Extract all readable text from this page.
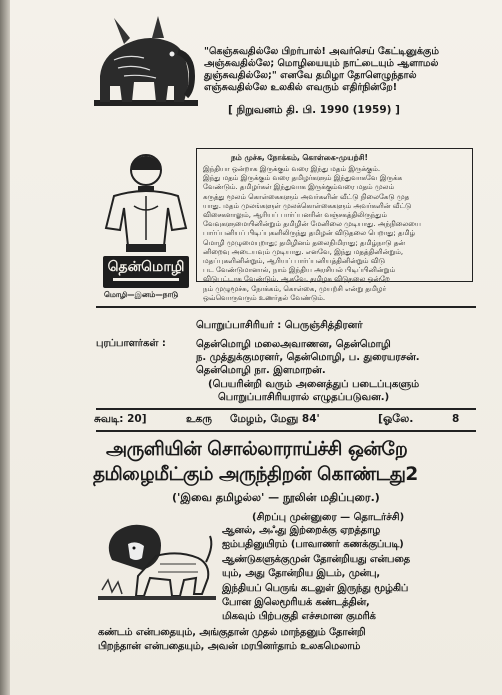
"கெஞ்சுவதில்லே பிறர்பால்! அவர்செய் கேட்டினுக்கும்
அஞ்சுவதில்லே; மொழியையும் நாட்டையும் ஆளாமல்
துஞ்சுவதில்லே;" எனவே தமிழா தோளெழுந்தால்
எஞ்சுவதில்லே உலகில் எவரும் எதிர்நின்றே!
[ நிறுவனம் தி. பி. 1990 (1959) ]
தென்மொழி
மொழி—இனம்—நாடு
நம் முச்சு, நோக்கம், கொள்கை-முயற்சி!
இந்தியா ஒன்றாக இருக்கும் வரை இந்து மதம் இருக்கும்.
இந்து மதம் இருக்கும் வரை தமிழர்களும் இந்துவாகவே இருக்க
வேண்டும். தமிழர்கள் இந்துவாக இருக்கும்வரை மதம் முலம்
கருத்து மூலம் கொள்கைகளும் அவர்களின் வீட்டு நிலைகேடு முத
யாது. மதம் முலங்களுள் முலக்கொள்கைகளும் அவர்களின் வீட்டு
விசைகளாலும், ஆரியப் பார்ப்பனரின் வஞ்சகத்திலிருந்தும்
வேவுகளுமையினின்றும் தமிழின் மேனிலை முடியாது. அந்நிலையை
பார்ப்பனியப் பிடிப்புகளிலிருந்து தமிழன் விடுதலை பெறாது; தமிழ்
மொழி முழுமையுறாது; தமிழினம் தலைநிமிராது; தமிழ்நாடு தன்
னிறைவு அடையவும் முடியாது. எனவே, இந்து மதத்தினின்றும்,
மதப்புகளினின்றும், ஆரியப் பார்ப்பனியத்தினின்றும் விடு
பட வேண்டுமானால், நாம் இந்திய அரசியல் பிடிப்பினின்றும்
விடுபட்டாக வேண்டும். ஆகவே, தமிழக விடுதலை ஒன்றே
நம் முழுமூச்சு, நோக்கம், கொள்கை, முயற்சி என்று தமிழர்
ஒவ்வொருவரும் உணர்தல் வேண்டும்.
பொறுப்பாசிரியர் : பெருஞ்சித்திரனர்
புரப்பாளர்கள் :	தென்மொழி மலைஅவாணன, தென்மொழி
ந. முத்துக்குமரனர், தென்மொழி, ப. துரையரசன்.
தென்மொழி நா. இளமாறன்.
(பெயரின்றி வரும் அனைத்துப் படைப்புகளும்
பொறுப்பாசிரியரால் எழுதப்படுவன.)
சுவடி: 20]	உகரு மேழம், மேஞு 84'	[ஓலே.	8
அருளியின் சொல்லாராய்ச்சி ஒன்றே
தமிழைமீட்கும் அருந்திறன் கொண்டது2
('இவை தமிழல்ல' — நூலின் மதிப்புரை.)
(சிறப்பு முன்னுரை — தொடர்ச்சி)
ஆனல், அஃது இற்றைக்கு ஏறத்தாழ
ஐம்பதினுயிரம் (பாவாணர் கணக்குப்படி)
ஆண்டுகளுக்குமுன் தோன்றியது என்பதை
யும், அது தோன்றிய இடம், முன்பு,
இந்தியப் பெருங் கடலுள் இருந்து மூழ்கிப்
போன இலெமூரியக் கண்டத்தின்,
மிகவும் பிற்பகுதி எச்சமான குமரிக்
கண்டம் என்பதையும், அங்குதான் முதல் மாந்தனும் தோன்றி
பிறந்தான் என்பதையும், அவன் மரபினர்தாம் உலகமெலாம்
